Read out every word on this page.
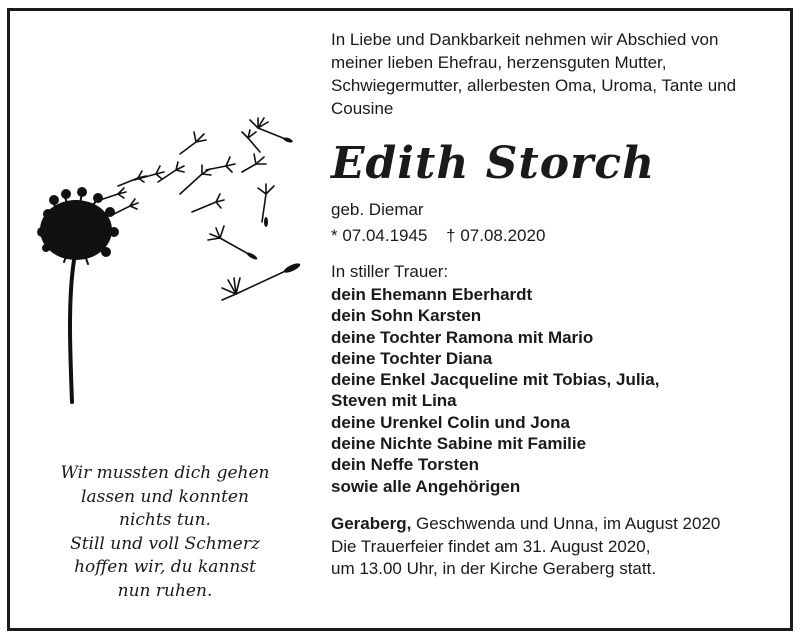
In Liebe und Dankbarkeit nehmen wir Abschied von meiner lieben Ehefrau, herzensguten Mutter, Schwiegermutter, allerbesten Oma, Uroma, Tante und Cousine

Edith Storch

geb. Diemar

* 07.04.1945 † 07.08.2020

In stiller Trauer:

dein Ehemann Eberhardt
dein Sohn Karsten
deine Tochter Ramona mit Mario
deine Tochter Diana
deine Enkel Jacqueline mit Tobias, Julia,
Steven mit Lina
deine Urenkel Colin und Jona
deine Nichte Sabine mit Familie
dein Neffe Torsten
sowie alle Angehörigen

Geraberg, Geschwenda und Unna, im August 2020

Die Trauerfeier findet am 31. August 2020,
um 13.00 Uhr, in der Kirche Geraberg statt.

Wir mussten dich gehen
lassen und konnten
nichts tun.
Still und voll Schmerz
hoffen wir, du kannst
nun ruhen.
